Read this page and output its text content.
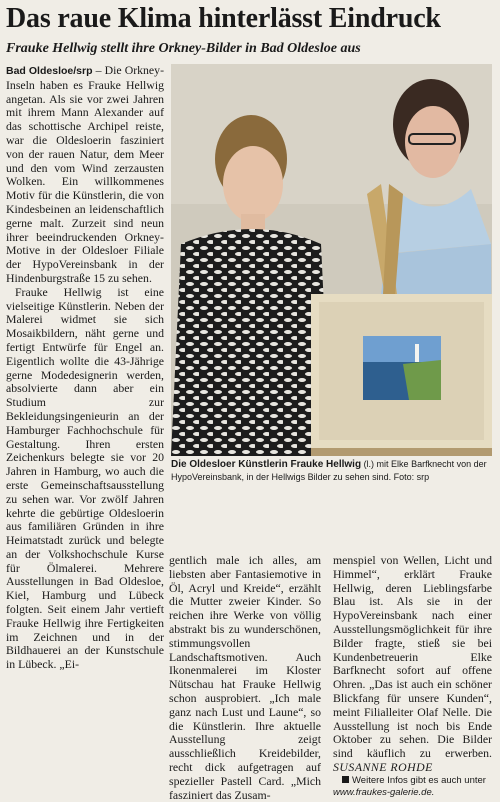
Das raue Klima hinterlässt Eindruck
Frauke Hellwig stellt ihre Orkney-Bilder in Bad Oldesloe aus

Bad Oldesloe/srp – Die Orkney-Inseln haben es Frauke Hellwig angetan. Als sie vor zwei Jahren mit ihrem Mann Alexander auf das schottische Archipel reiste, war die Oldesloerin fasziniert von der rauen Natur, dem Meer und den vom Wind zerzausten Wolken. Ein willkommenes Motiv für die Künstlerin, die von Kindesbeinen an leidenschaftlich gerne malt. Zurzeit sind neun ihrer beeindruckenden Orkney-Motive in der Oldesloer Filiale der HypoVereinsbank in der Hindenburgstraße 15 zu sehen.

Frauke Hellwig ist eine vielseitige Künstlerin. Neben der Malerei widmet sie sich Mosaikbildern, näht gerne und fertigt Entwürfe für Engel an. Eigentlich wollte die 43-Jährige gerne Modedesignerin werden, absolvierte dann aber ein Studium zur Bekleidungsingenieurin an der Hamburger Fachhochschule für Gestaltung. Ihren ersten Zeichenkurs belegte sie vor 20 Jahren in Hamburg, wo auch die erste Gemeinschaftsausstellung zu sehen war. Vor zwölf Jahren kehrte die gebürtige Oldesloerin aus familiären Gründen in ihre Heimatstadt zurück und belegte an der Volkshochschule Kurse für Ölmalerei. Mehrere Ausstellungen in Bad Oldesloe, Kiel, Hamburg und Lübeck folgten. Seit einem Jahr vertieft Frauke Hellwig ihre Fertigkeiten im Zeichnen und in der Bildhauerei an der Kunstschule in Lübeck. „Ei-

Die Oldesloer Künstlerin Frauke Hellwig (l.) mit Elke Barfknecht von der HypoVereinsbank, in der Hellwigs Bilder zu sehen sind. Foto: srp

gentlich male ich alles, am liebsten aber Fantasiemotive in Öl, Acryl und Kreide“, erzählt die Mutter zweier Kinder. So reichen ihre Werke von völlig abstrakt bis zu wunderschönen, stimmungsvollen Landschaftsmotiven. Auch Ikonenmalerei im Kloster Nütschau hat Frauke Hellwig schon ausprobiert. „Ich male ganz nach Lust und Laune“, so die Künstlerin. Ihre aktuelle Ausstellung zeigt ausschließlich Kreidebilder, recht dick aufgetragen auf spezieller Pastell Card. „Mich fasziniert das Zusam-

menspiel von Wellen, Licht und Himmel“, erklärt Frauke Hellwig, deren Lieblingsfarbe Blau ist. Als sie in der HypoVereinsbank nach einer Ausstellungsmöglichkeit für ihre Bilder fragte, stieß sie bei Kundenbetreuerin Elke Barfknecht sofort auf offene Ohren. „Das ist auch ein schöner Blickfang für unsere Kunden“, meint Filialleiter Olaf Nelle. Die Ausstellung ist noch bis Ende Oktober zu sehen. Die Bilder sind käuflich zu erwerben. SUSANNE ROHDE

Weitere Infos gibt es auch unter www.fraukes-galerie.de.
